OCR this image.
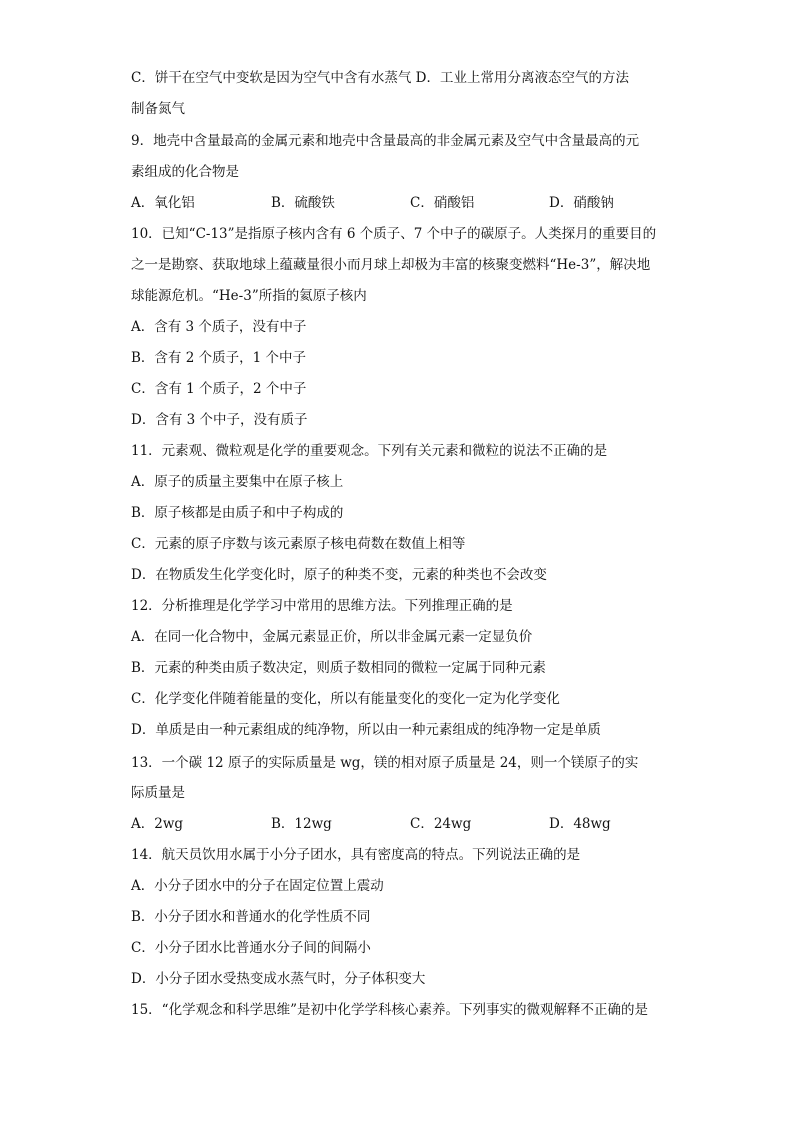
C．饼干在空气中变软是因为空气中含有水蒸气 D．工业上常用分离液态空气的方法
制备氮气
9．地壳中含量最高的金属元素和地壳中含量最高的非金属元素及空气中含量最高的元
素组成的化合物是
A．氧化铝	B．硫酸铁	C．硝酸铝	D．硝酸钠
10．已知“C-13”是指原子核内含有 6 个质子、7 个中子的碳原子。人类探月的重要目的
之一是勘察、获取地球上蕴藏量很小而月球上却极为丰富的核聚变燃料“He-3”，解决地
球能源危机。“He-3”所指的氦原子核内
A．含有 3 个质子，没有中子
B．含有 2 个质子，1 个中子
C．含有 1 个质子，2 个中子
D．含有 3 个中子，没有质子
11．元素观、微粒观是化学的重要观念。下列有关元素和微粒的说法不正确的是
A．原子的质量主要集中在原子核上
B．原子核都是由质子和中子构成的
C．元素的原子序数与该元素原子核电荷数在数值上相等
D．在物质发生化学变化时，原子的种类不变，元素的种类也不会改变
12．分析推理是化学学习中常用的思维方法。下列推理正确的是
A．在同一化合物中，金属元素显正价，所以非金属元素一定显负价
B．元素的种类由质子数决定，则质子数相同的微粒一定属于同种元素
C．化学变化伴随着能量的变化，所以有能量变化的变化一定为化学变化
D．单质是由一种元素组成的纯净物，所以由一种元素组成的纯净物一定是单质
13．一个碳 12 原子的实际质量是 wg，镁的相对原子质量是 24，则一个镁原子的实
际质量是
A．2wg	B．12wg	C．24wg	D．48wg
14．航天员饮用水属于小分子团水，具有密度高的特点。下列说法正确的是
A．小分子团水中的分子在固定位置上震动
B．小分子团水和普通水的化学性质不同
C．小分子团水比普通水分子间的间隔小
D．小分子团水受热变成水蒸气时，分子体积变大
15．“化学观念和科学思维”是初中化学学科核心素养。下列事实的微观解释不正确的是
